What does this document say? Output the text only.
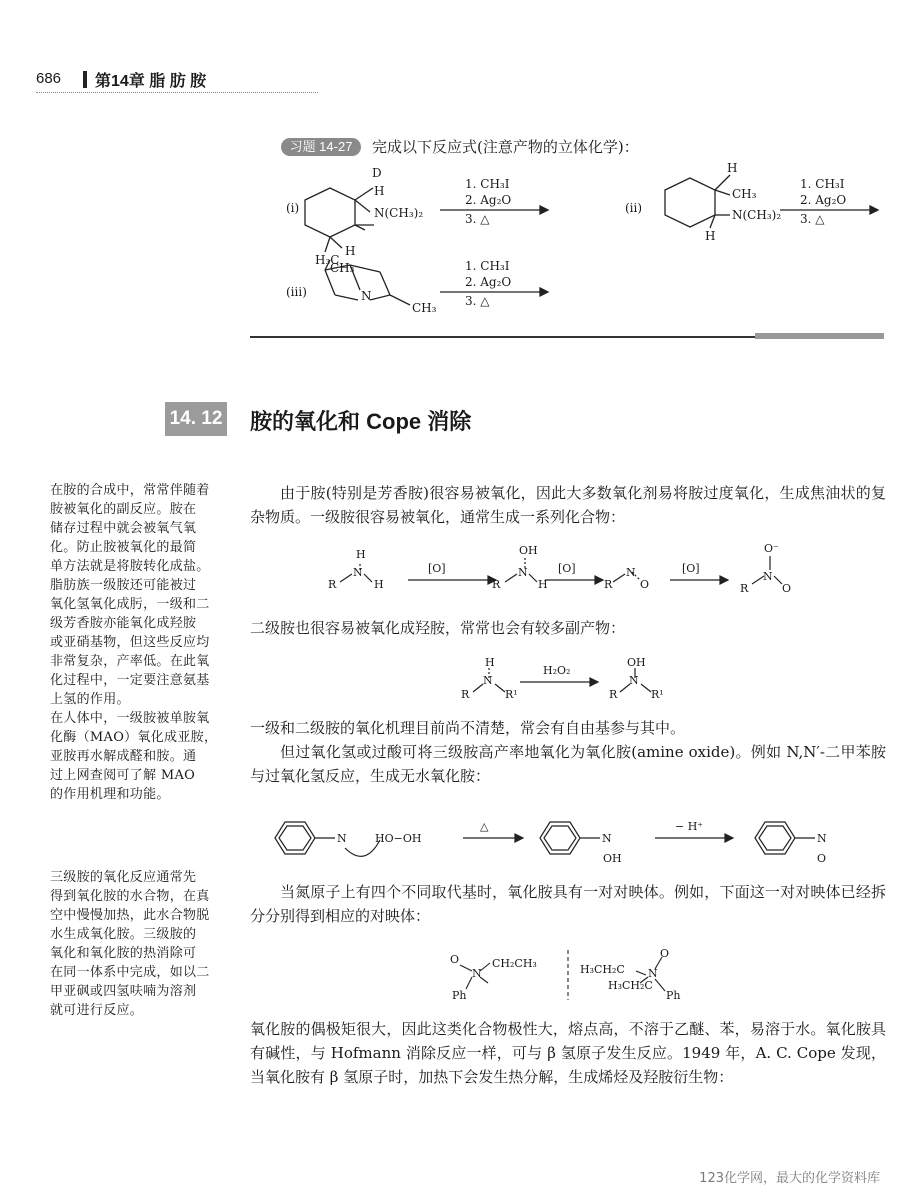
686 第14章 脂 肪 胺
习题 14-27	完成以下反应式(注意产物的立体化学)：
(i)
D
H
N(CH₃)₂
H₃C
H
1. CH₃I
2. Ag₂O
3. △
(ii)
H
CH₃
N(CH₃)₂
H
1. CH₃I
2. Ag₂O
3. △
(iii)
CH₃
N
CH₃
1. CH₃I
2. Ag₂O
3. △
14. 12 胺的氧化和 Cope 消除

在胺的合成中，常常伴随着

胺被氧化的副反应。胺在

储存过程中就会被氧气氧

化。防止胺被氧化的最简

单方法就是将胺转化成盐。

脂肪族一级胺还可能被过

氧化氢氧化成肟，一级和二

级芳香胺亦能氧化成羟胺

或亚硝基物，但这些反应均

非常复杂，产率低。在此氧

化过程中，一定要注意氨基

上氢的作用。

在人体中，一级胺被单胺氧

化酶（MAO）氧化成亚胺，

亚胺再水解成醛和胺。通

过上网查阅可了解 MAO

的作用机理和功能。

三级胺的氧化反应通常先

得到氧化胺的水合物，在真

空中慢慢加热，此水合物脱

水生成氧化胺。三级胺的

氧化和氧化胺的热消除可

在同一体系中完成，如以二

甲亚砜或四氢呋喃为溶剂

就可进行反应。

由于胺(特别是芳香胺)很容易被氧化，因此大多数氧化剂易将胺过度氧化，生成焦油状的复杂物质。一级胺很容易被氧化，通常生成一系列化合物：

R
N
H
H
[O]
R
N
OH
H
[O]
R
N
O
[O]
R
N
O⁻
O

二级胺也很容易被氧化成羟胺，常常也会有较多副产物：

R
N
H
R¹
H₂O₂
R
N
OH
R¹

一级和二级胺的氧化机理目前尚不清楚，常会有自由基参与其中。

但过氧化氢或过酸可将三级胺高产率地氧化为氧化胺(amine oxide)。例如 N,N′-二甲苯胺与过氧化氢反应，生成无水氧化胺：

N	HO−OH
△
N
OH
− H⁺
N
O

当氮原子上有四个不同取代基时，氧化胺具有一对对映体。例如，下面这一对对映体已经拆分分别得到相应的对映体：

O
N
CH₂CH₃
Ph
H₃CH₂C N
O
H₃CH₂C
Ph

氧化胺的偶极矩很大，因此这类化合物极性大，熔点高，不溶于乙醚、苯，易溶于水。氧化胺具有碱性，与 Hofmann 消除反应一样，可与 β 氢原子发生反应。1949 年，A. C. Cope 发现，当氧化胺有 β 氢原子时，加热下会发生热分解，生成烯烃及羟胺衍生物：

123化学网，最大的化学资料库
